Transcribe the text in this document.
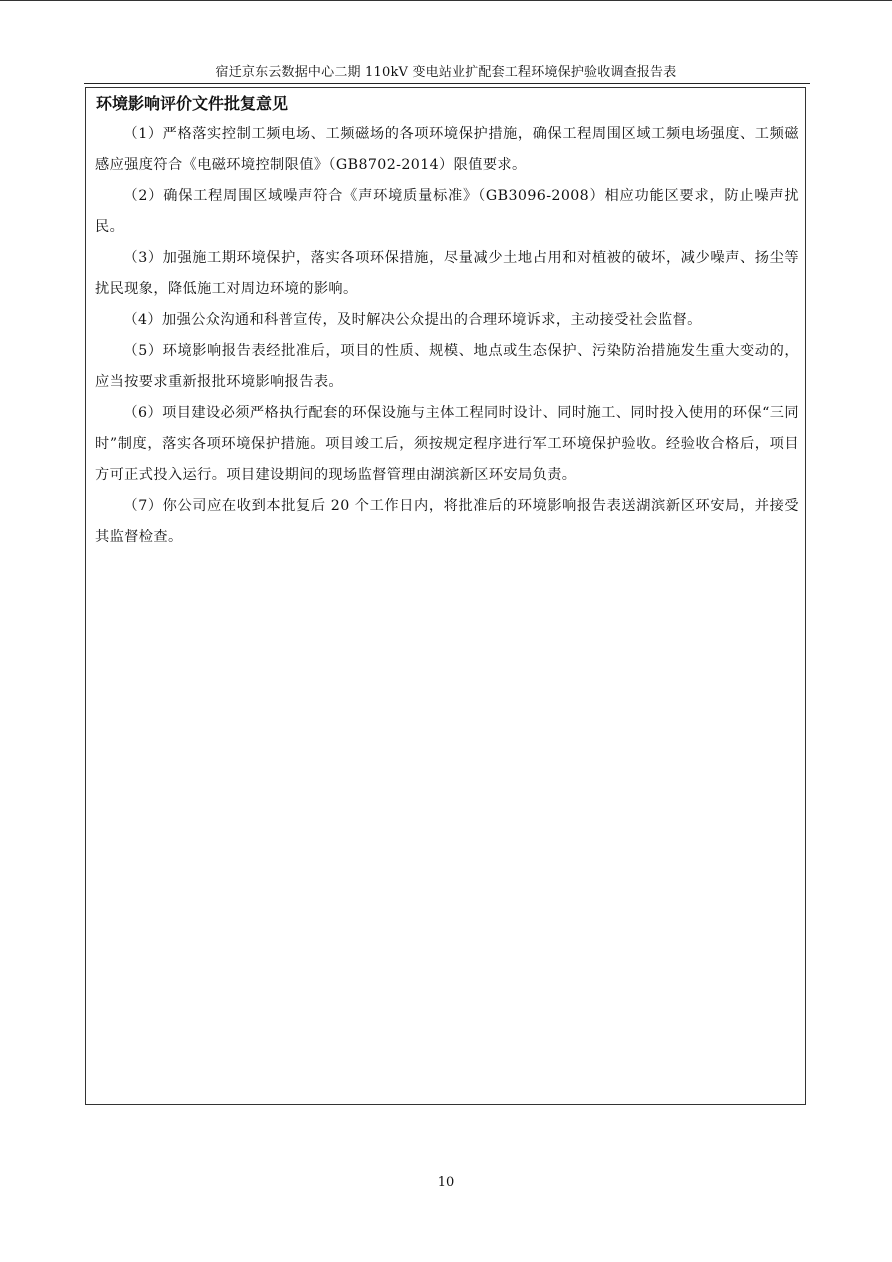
宿迁京东云数据中心二期 110kV 变电站业扩配套工程环境保护验收调查报告表
环境影响评价文件批复意见

（1）严格落实控制工频电场、工频磁场的各项环境保护措施，确保工程周围区域工频电场强度、工频磁感应强度符合《电磁环境控制限值》（GB8702-2014）限值要求。

（2）确保工程周围区域噪声符合《声环境质量标准》（GB3096-2008）相应功能区要求，防止噪声扰民。

（3）加强施工期环境保护，落实各项环保措施，尽量减少土地占用和对植被的破坏，减少噪声、扬尘等扰民现象，降低施工对周边环境的影响。

（4）加强公众沟通和科普宣传，及时解决公众提出的合理环境诉求，主动接受社会监督。

（5）环境影响报告表经批准后，项目的性质、规模、地点或生态保护、污染防治措施发生重大变动的，应当按要求重新报批环境影响报告表。

（6）项目建设必须严格执行配套的环保设施与主体工程同时设计、同时施工、同时投入使用的环保“三同时”制度，落实各项环境保护措施。项目竣工后，须按规定程序进行军工环境保护验收。经验收合格后，项目方可正式投入运行。项目建设期间的现场监督管理由湖滨新区环安局负责。

（7）你公司应在收到本批复后 20 个工作日内，将批准后的环境影响报告表送湖滨新区环安局，并接受其监督检查。

10
